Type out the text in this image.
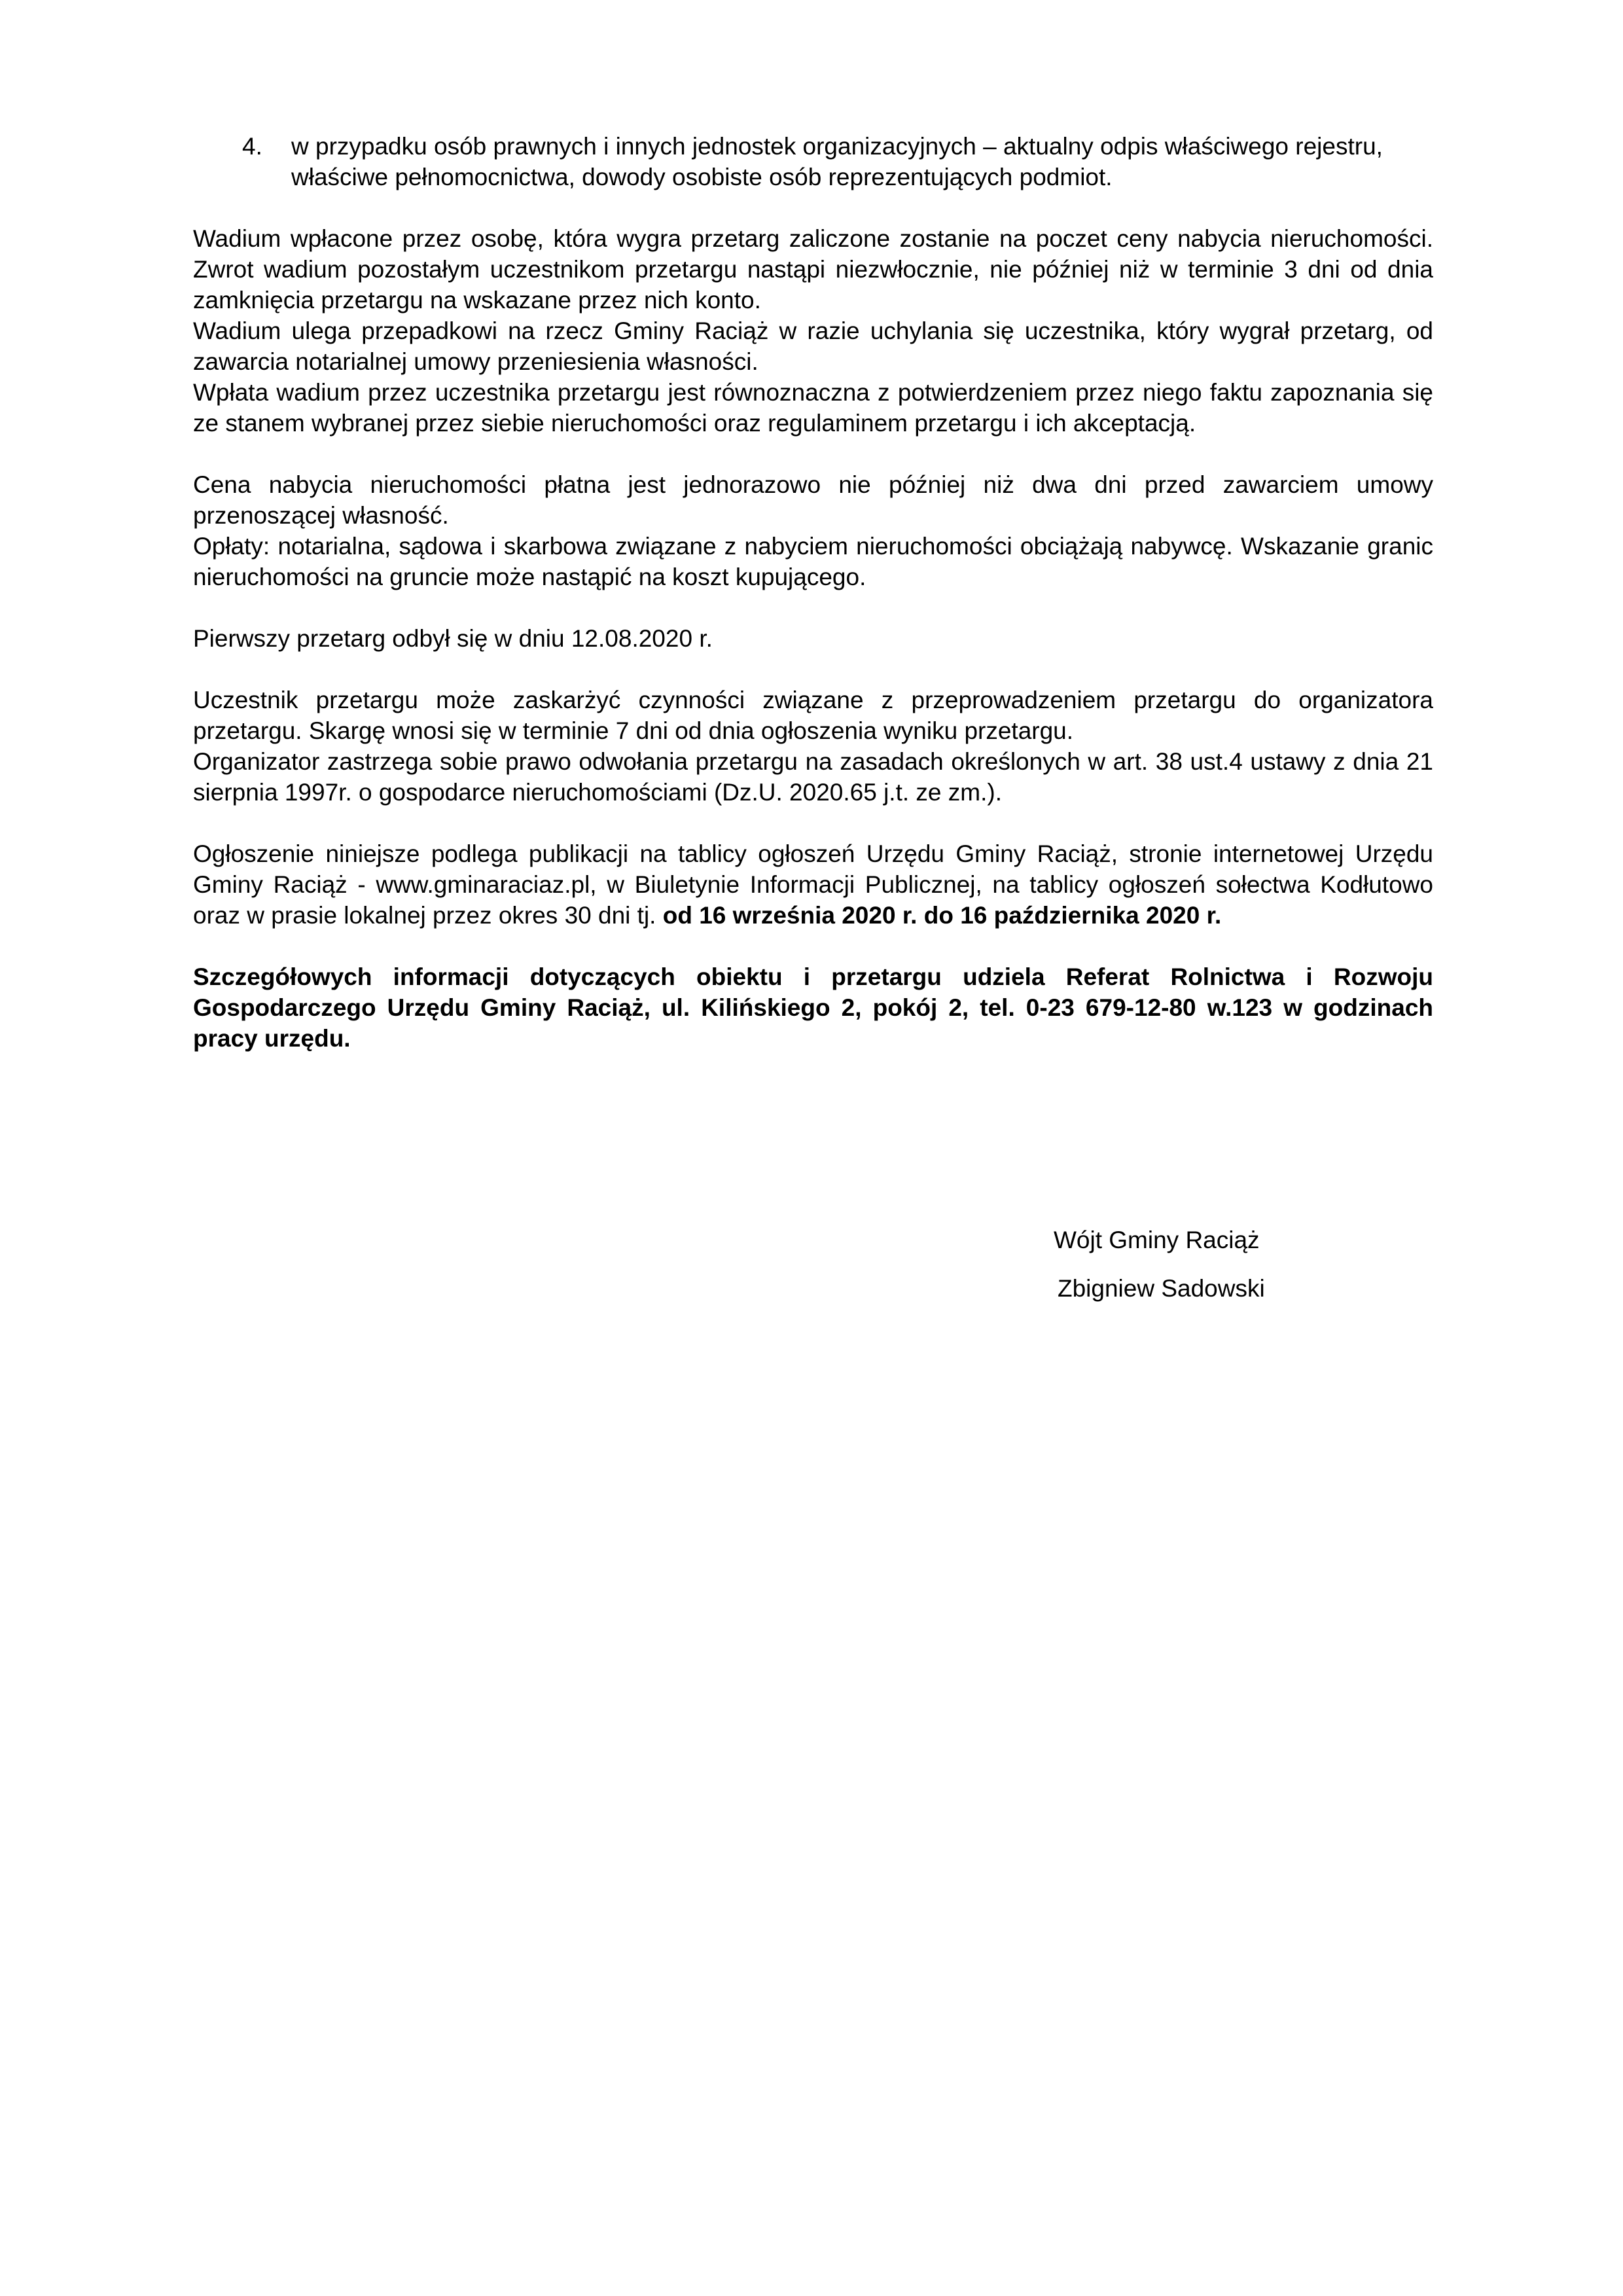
4.	w przypadku osób prawnych i innych jednostek organizacyjnych – aktualny odpis właściwego rejestru, właściwe pełnomocnictwa, dowody osobiste osób reprezentujących podmiot.

Wadium wpłacone przez osobę, która wygra przetarg zaliczone zostanie na poczet ceny nabycia nieruchomości. Zwrot wadium pozostałym uczestnikom przetargu nastąpi niezwłocznie, nie później niż w terminie 3 dni od dnia zamknięcia przetargu na wskazane przez nich konto.

Wadium ulega przepadkowi na rzecz Gminy Raciąż w razie uchylania się uczestnika, który wygrał przetarg, od zawarcia notarialnej umowy przeniesienia własności.

Wpłata wadium przez uczestnika przetargu jest równoznaczna z potwierdzeniem przez niego faktu zapoznania się ze stanem wybranej przez siebie nieruchomości oraz regulaminem przetargu i ich akceptacją.

Cena nabycia nieruchomości płatna jest jednorazowo nie później niż dwa dni przed zawarciem umowy przenoszącej własność.

Opłaty: notarialna, sądowa i skarbowa związane z nabyciem nieruchomości obciążają nabywcę. Wskazanie granic nieruchomości na gruncie może nastąpić na koszt kupującego.

Pierwszy przetarg odbył się w dniu 12.08.2020 r.

Uczestnik przetargu może zaskarżyć czynności związane z przeprowadzeniem przetargu do organizatora przetargu. Skargę wnosi się w terminie 7 dni od dnia ogłoszenia wyniku przetargu.

Organizator zastrzega sobie prawo odwołania przetargu na zasadach określonych w art. 38 ust.4 ustawy z dnia 21 sierpnia 1997r. o gospodarce nieruchomościami (Dz.U. 2020.65 j.t. ze zm.).

Ogłoszenie niniejsze podlega publikacji na tablicy ogłoszeń Urzędu Gminy Raciąż, stronie internetowej Urzędu Gminy Raciąż - www.gminaraciaz.pl, w Biuletynie Informacji Publicznej, na tablicy ogłoszeń sołectwa Kodłutowo oraz w prasie lokalnej przez okres 30 dni tj. od 16 września 2020 r. do 16 października 2020 r.

Szczegółowych informacji dotyczących obiektu i przetargu udziela Referat Rolnictwa i Rozwoju Gospodarczego Urzędu Gminy Raciąż, ul. Kilińskiego 2, pokój 2, tel. 0-23 679-12-80 w.123 w godzinach pracy urzędu.

Wójt Gminy Raciąż
Zbigniew Sadowski
